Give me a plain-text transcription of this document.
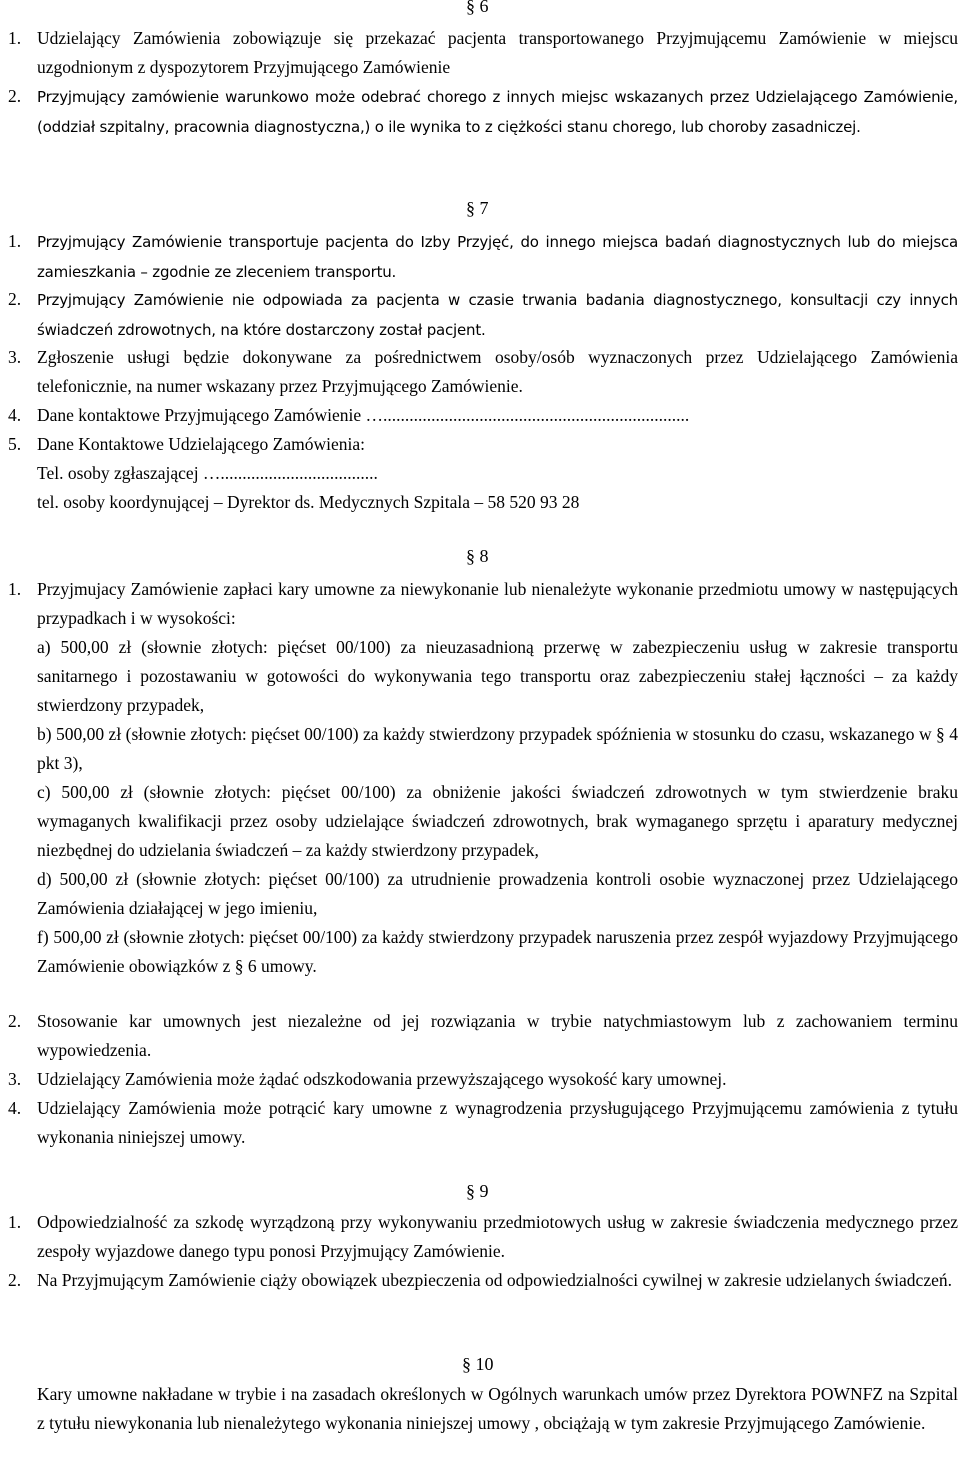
§ 6
1. Udzielający Zamówienia zobowiązuje się przekazać pacjenta transportowanego Przyjmującemu Zamówienie w miejscu uzgodnionym z dyspozytorem Przyjmującego Zamówienie
2. Przyjmujący zamówienie warunkowo może odebrać chorego z innych miejsc wskazanych przez Udzielającego Zamówienie, (oddział szpitalny, pracownia diagnostyczna,) o ile wynika to z ciężkości stanu chorego, lub choroby zasadniczej.
§ 7
1. Przyjmujący Zamówienie transportuje pacjenta do Izby Przyjęć, do innego miejsca badań diagnostycznych lub do miejsca zamieszkania – zgodnie ze zleceniem transportu.
2. Przyjmujący Zamówienie nie odpowiada za pacjenta w czasie trwania badania diagnostycznego, konsultacji czy innych świadczeń zdrowotnych, na które dostarczony został pacjent.
3. Zgłoszenie usługi będzie dokonywane za pośrednictwem osoby/osób wyznaczonych przez Udzielającego Zamówienia telefonicznie, na numer wskazany przez Przyjmującego Zamówienie.
4. Dane kontaktowe Przyjmującego Zamówienie …......................................................................
5. Dane Kontaktowe Udzielającego Zamówienia:
Tel. osoby zgłaszającej …....................................
tel. osoby koordynującej – Dyrektor ds. Medycznych Szpitala – 58 520 93 28
§ 8
1. Przyjmujacy Zamówienie zapłaci kary umowne za niewykonanie lub nienależyte wykonanie przedmiotu umowy w następujących przypadkach i w wysokości:
a) 500,00 zł (słownie złotych: pięćset 00/100) za nieuzasadnioną przerwę w zabezpieczeniu usług w zakresie transportu sanitarnego i pozostawaniu w gotowości do wykonywania tego transportu oraz zabezpieczeniu stałej łączności – za każdy stwierdzony przypadek,
b) 500,00 zł (słownie złotych: pięćset 00/100) za każdy stwierdzony przypadek spóźnienia w stosunku do czasu, wskazanego w § 4 pkt 3),
c) 500,00 zł (słownie złotych: pięćset 00/100) za obniżenie jakości świadczeń zdrowotnych w tym stwierdzenie braku wymaganych kwalifikacji przez osoby udzielające świadczeń zdrowotnych, brak wymaganego sprzętu i aparatury medycznej niezbędnej do udzielania świadczeń – za każdy stwierdzony przypadek,
d) 500,00 zł (słownie złotych: pięćset 00/100) za utrudnienie prowadzenia kontroli osobie wyznaczonej przez Udzielającego Zamówienia działającej w jego imieniu,
f) 500,00 zł (słownie złotych: pięćset 00/100) za każdy stwierdzony przypadek naruszenia przez zespół wyjazdowy Przyjmującego Zamówienie obowiązków z § 6 umowy.
2. Stosowanie kar umownych jest niezależne od jej rozwiązania w trybie natychmiastowym lub z zachowaniem terminu wypowiedzenia.
3. Udzielający Zamówienia może żądać odszkodowania przewyższającego wysokość kary umownej.
4. Udzielający Zamówienia może potrącić kary umowne z wynagrodzenia przysługującego Przyjmującemu zamówienia z tytułu wykonania niniejszej umowy.
§ 9
1. Odpowiedzialność za szkodę wyrządzoną przy wykonywaniu przedmiotowych usług w zakresie świadczenia medycznego przez zespoły wyjazdowe danego typu ponosi Przyjmujący Zamówienie.
2. Na Przyjmującym Zamówienie ciąży obowiązek ubezpieczenia od odpowiedzialności cywilnej w zakresie udzielanych świadczeń.
§ 10
Kary umowne nakładane w trybie i na zasadach określonych w Ogólnych warunkach umów przez Dyrektora POWNFZ na Szpital z tytułu niewykonania lub nienależytego wykonania niniejszej umowy , obciążają w tym zakresie Przyjmującego Zamówienie.
